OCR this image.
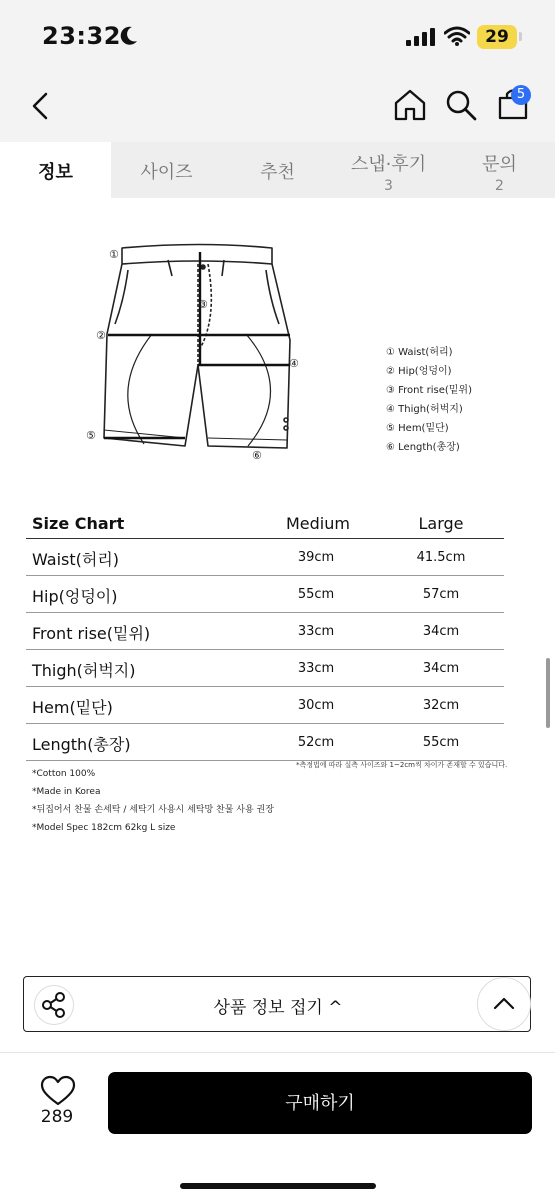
23:32	29
5
정보	사이즈	추천	스냅·후기
3
문의
2
①
②
③
④
⑤
⑥
① Waist(허리)
② Hip(엉덩이)
③ Front rise(밑위)
④ Thigh(허벅지)
⑤ Hem(밑단)
⑥ Length(총장)
Size Chart	Medium	Large
Waist(허리)	39cm	41.5cm
Hip(엉덩이)	55cm	57cm
Front rise(밑위)	33cm	34cm
Thigh(허벅지)	33cm	34cm
Hem(밑단)	30cm	32cm
Length(총장)	52cm	55cm
*측정법에 따라 실측 사이즈와 1~2cm씩 차이가 존재할 수 있습니다.
*Cotton 100%
*Made in Korea
*뒤집어서 찬물 손세탁 / 세탁기 사용시 세탁망 찬물 사용 권장
*Model Spec 182cm 62kg L size
상품 정보 접기 ^
289
구매하기
